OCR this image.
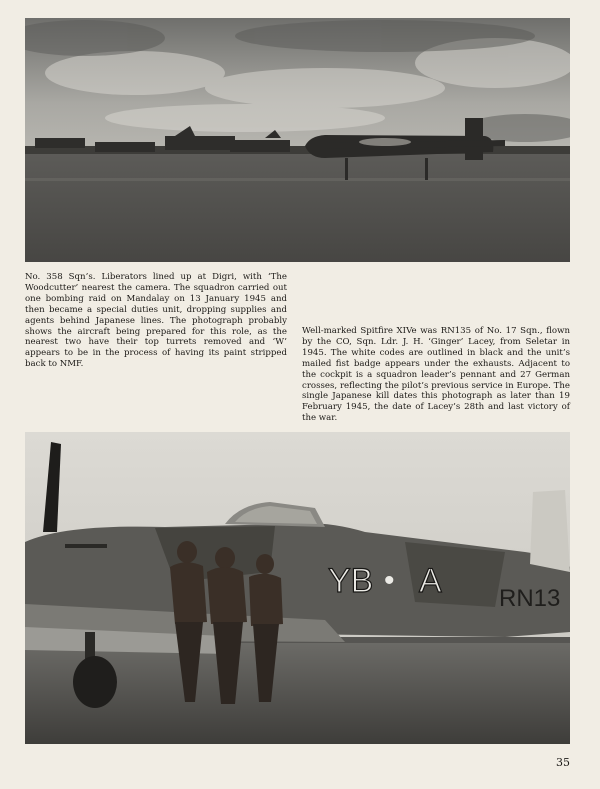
No. 358 Sqn’s. Liberators lined up at Digri, with ‘The Woodcutter’ nearest the camera. The squadron carried out one bombing raid on Mandalay on 13 January 1945 and then became a special duties unit, dropping supplies and agents behind Japanese lines. The photograph probably shows the aircraft being prepared for this role, as the nearest two have their top turrets removed and ‘W’ appears to be in the process of having its paint stripped back to NMF.

Well-marked Spitfire XIVe was RN135 of No. 17 Sqn., flown by the CO, Sqn. Ldr. J. H. ‘Ginger’ Lacey, from Seletar in 1945. The white codes are outlined in black and the unit’s mailed fist badge appears under the exhausts. Adjacent to the cockpit is a squadron leader’s pennant and 27 German crosses, reflecting the pilot’s previous service in Europe. The single Japanese kill dates this photograph as later than 19 February 1945, the date of Lacey’s 28th and last victory of the war.

YB • A RN13
35
